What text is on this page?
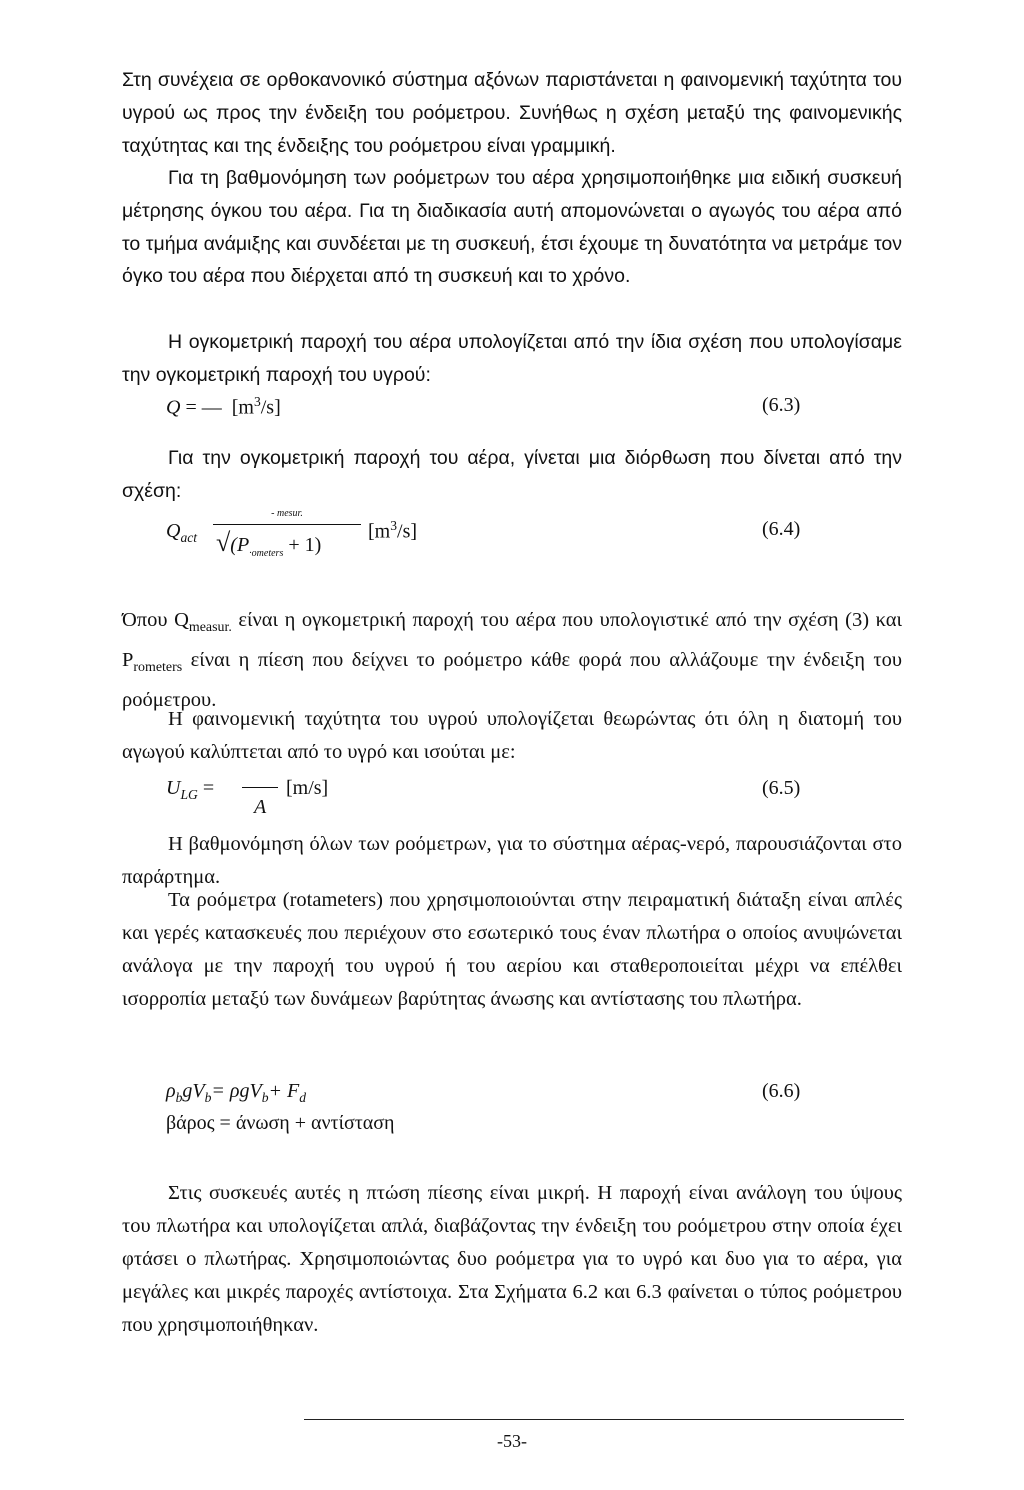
Στη συνέχεια σε ορθοκανονικό σύστημα αξόνων παριστάνεται η φαινομενική ταχύτητα του υγρού ως προς την ένδειξη του ροόμετρου. Συνήθως η σχέση μεταξύ της φαινομενικής ταχύτητας και της ένδειξης του ροόμετρου είναι γραμμική.

Για τη βαθμονόμηση των ροόμετρων του αέρα χρησιμοποιήθηκε μια ειδική συσκευή μέτρησης όγκου του αέρα. Για τη διαδικασία αυτή απομονώνεται ο αγωγός του αέρα από το τμήμα ανάμιξης και συνδέεται με τη συσκευή, έτσι έχουμε τη δυνατότητα να μετράμε τον όγκο του αέρα που διέρχεται από τη συσκευή και το χρόνο.

Η ογκομετρική παροχή του αέρα υπολογίζεται από την ίδια σχέση που υπολογίσαμε την ογκομετρική παροχή του υγρού:

Q = — $[m^3/s]$	(6.3)

Για την ογκομετρική παροχή του αέρα, γίνεται μια διόρθωση που δίνεται από την σχέση:

$Q_{act}$
- mesur.
$√(P_{\cdot ometers} + 1)$
$[m^3/s]$	(6.4)

Όπου $Q_{measur.}$ είναι η ογκομετρική παροχή του αέρα που υπολογιστικέ από την σχέση (3) και $P_{rometers}$ είναι η πίεση που δείχνει το ροόμετρο κάθε φορά που αλλάζουμε την ένδειξη του ροόμετρου.

Η φαινομενική ταχύτητα του υγρού υπολογίζεται θεωρώντας ότι όλη η διατομή του αγωγού καλύπτεται από το υγρό και ισούται με:

$U_{LG}$ =
A
[m/s]	(6.5)

Η βαθμονόμηση όλων των ροόμετρων, για το σύστημα αέρας-νερό, παρουσιάζονται στο παράρτημα.

Τα ροόμετρα (rotameters) που χρησιμοποιούνται στην πειραματική διάταξη είναι απλές και γερές κατασκευές που περιέχουν στο εσωτερικό τους έναν πλωτήρα ο οποίος ανυψώνεται ανάλογα με την παροχή του υγρού ή του αερίου και σταθεροποιείται μέχρι να επέλθει ισορροπία μεταξύ των δυνάμεων βαρύτητας άνωσης και αντίστασης του πλωτήρα.

$\rho_bgV_b= \rho gV_b+ F_d$	(6.6)
βάρος = άνωση + αντίσταση

Στις συσκευές αυτές η πτώση πίεσης είναι μικρή. Η παροχή είναι ανάλογη του ύψους του πλωτήρα και υπολογίζεται απλά, διαβάζοντας την ένδειξη του ροόμετρου στην οποία έχει φτάσει ο πλωτήρας. Χρησιμοποιώντας δυο ροόμετρα για το υγρό και δυο για το αέρα, για μεγάλες και μικρές παροχές αντίστοιχα. Στα Σχήματα 6.2 και 6.3 φαίνεται ο τύπος ροόμετρου που χρησιμοποιήθηκαν.

-53-
